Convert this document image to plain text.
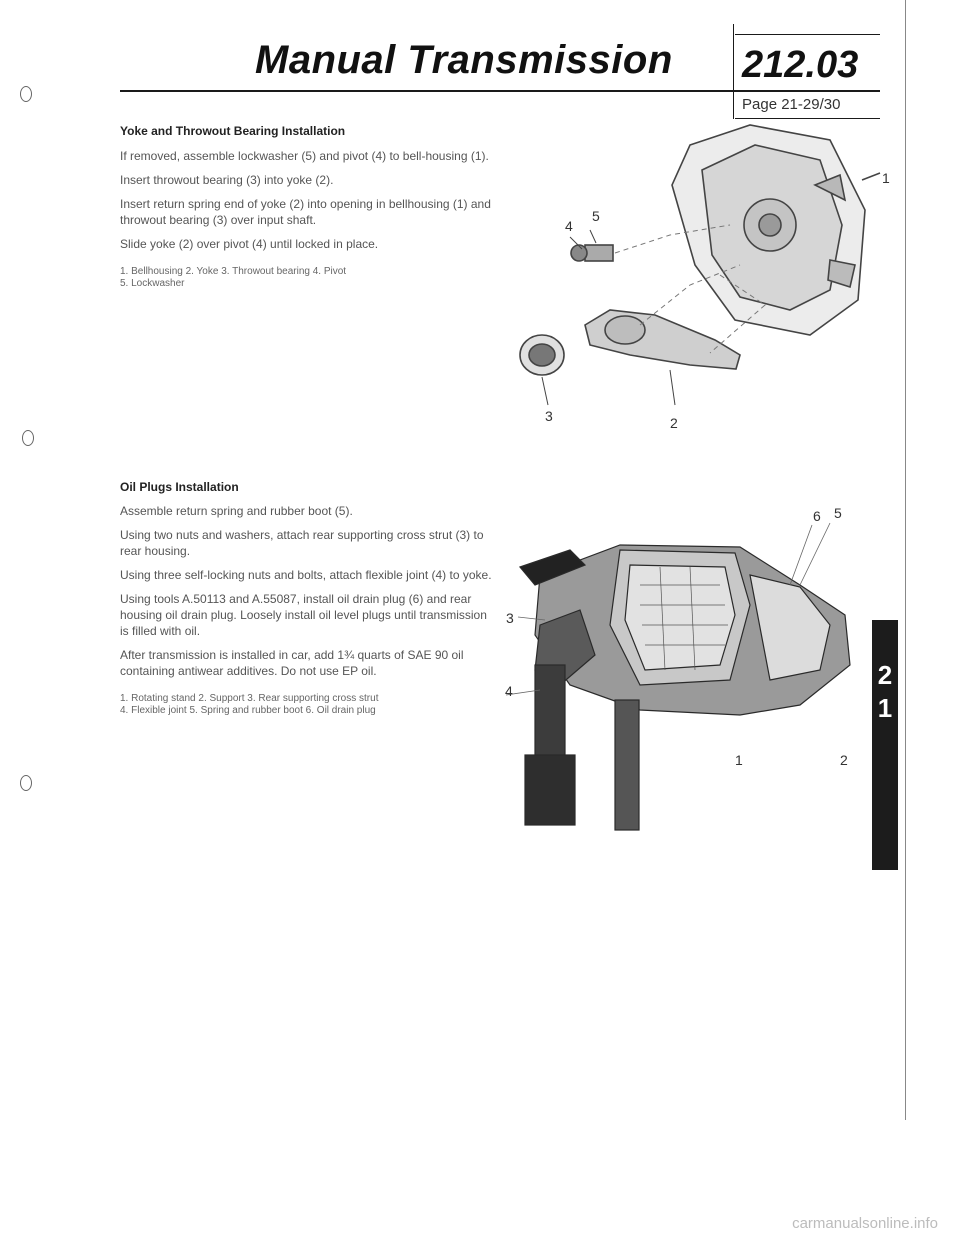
Manual Transmission 212.03
Page 21-29/30
Yoke and Throwout Bearing Installation

If removed, assemble lockwasher (5) and pivot (4) to bell-housing (1).

Insert throwout bearing (3) into yoke (2).

Insert return spring end of yoke (2) into opening in bellhousing (1) and throwout bearing (3) over input shaft.

Slide yoke (2) over pivot (4) until locked in place.

1. Bellhousing 2. Yoke 3. Throwout bearing 4. Pivot
5. Lockwasher
1
2
3
4
5
Oil Plugs Installation

Assemble return spring and rubber boot (5).

Using two nuts and washers, attach rear supporting cross strut (3) to rear housing.

Using three self-locking nuts and bolts, attach flexible joint (4) to yoke.

Using tools A.50113 and A.55087, install oil drain plug (6) and rear housing oil drain plug. Loosely install oil level plugs until transmission is filled with oil.

After transmission is installed in car, add 1¾ quarts of SAE 90 oil containing antiwear additives. Do not use EP oil.

1. Rotating stand 2. Support 3. Rear supporting cross strut
4. Flexible joint 5. Spring and rubber boot 6. Oil drain plug
6 5
3
4
1	2
2
1
carmanualsonline.info
